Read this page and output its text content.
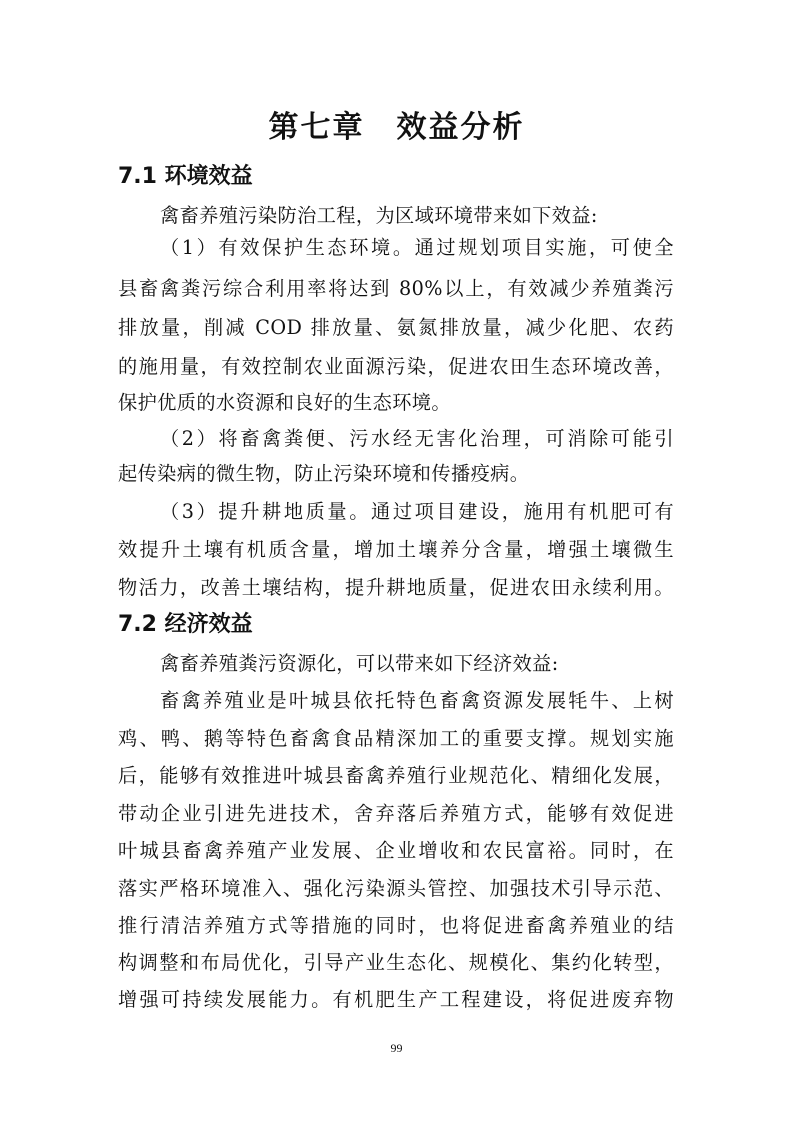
第七章　效益分析
7.1 环境效益
禽畜养殖污染防治工程，为区域环境带来如下效益:
（1）有效保护生态环境。通过规划项目实施，可使全
县畜禽粪污综合利用率将达到 80%以上，有效减少养殖粪污
排放量，削减 COD 排放量、氨氮排放量，减少化肥、农药
的施用量，有效控制农业面源污染，促进农田生态环境改善，
保护优质的水资源和良好的生态环境。
（2）将畜禽粪便、污水经无害化治理，可消除可能引
起传染病的微生物，防止污染环境和传播疫病。
（3）提升耕地质量。通过项目建设，施用有机肥可有
效提升土壤有机质含量，增加土壤养分含量，增强土壤微生
物活力，改善土壤结构，提升耕地质量，促进农田永续利用。
7.2 经济效益
禽畜养殖粪污资源化，可以带来如下经济效益:
畜禽养殖业是叶城县依托特色畜禽资源发展牦牛、上树
鸡、鸭、鹅等特色畜禽食品精深加工的重要支撑。规划实施
后，能够有效推进叶城县畜禽养殖行业规范化、精细化发展，
带动企业引进先进技术，舍弃落后养殖方式，能够有效促进
叶城县畜禽养殖产业发展、企业增收和农民富裕。同时，在
落实严格环境准入、强化污染源头管控、加强技术引导示范、
推行清洁养殖方式等措施的同时，也将促进畜禽养殖业的结
构调整和布局优化，引导产业生态化、规模化、集约化转型，
增强可持续发展能力。有机肥生产工程建设，将促进废弃物
99
